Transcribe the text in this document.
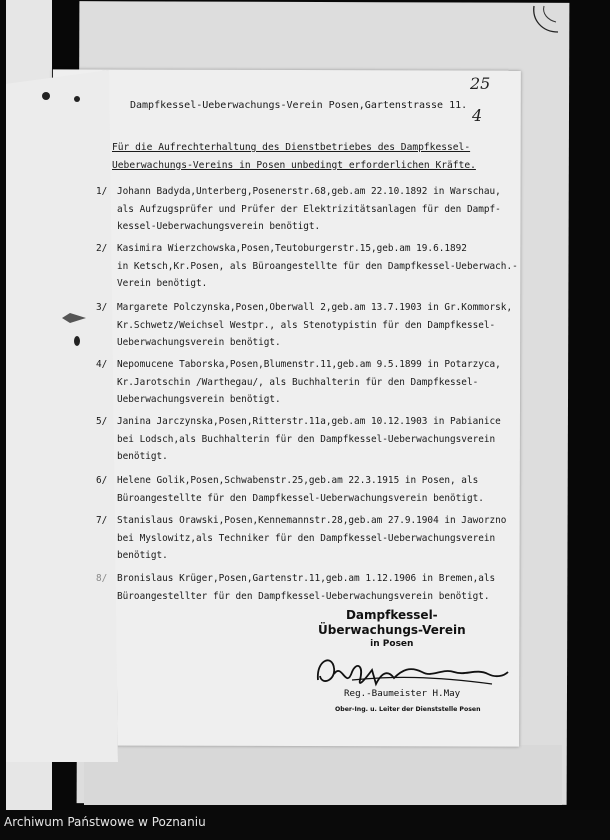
25
4
Dampfkessel-Ueberwachungs-Verein Posen,Gartenstrasse 11.
Für die Aufrechterhaltung des Dienstbetriebes des Dampfkessel-
Ueberwachungs-Vereins in Posen unbedingt erforderlichen Kräfte.
1/	Johann Badyda,Unterberg,Posenerstr.68,geb.am 22.10.1892 in Warschau,
als Aufzugsprüfer und Prüfer der Elektrizitätsanlagen für den Dampf-
kessel-Ueberwachungsverein benötigt.
2/	Kasimira Wierzchowska,Posen,Teutoburgerstr.15,geb.am 19.6.1892
in Ketsch,Kr.Posen, als Büroangestellte für den Dampfkessel-Ueberwach.-
Verein benötigt.
3/	Margarete Polczynska,Posen,Oberwall 2,geb.am 13.7.1903 in Gr.Kommorsk,
Kr.Schwetz/Weichsel Westpr., als Stenotypistin für den Dampfkessel-
Ueberwachungsverein benötigt.
4/	Nepomucene Taborska,Posen,Blumenstr.11,geb.am 9.5.1899 in Potarzyca,
Kr.Jarotschin /Warthegau/, als Buchhalterin für den Dampfkessel-
Ueberwachungsverein benötigt.
5/	Janina Jarczynska,Posen,Ritterstr.11a,geb.am 10.12.1903 in Pabianice
bei Lodsch,als Buchhalterin für den Dampfkessel-Ueberwachungsverein
benötigt.
6/	Helene Golik,Posen,Schwabenstr.25,geb.am 22.3.1915 in Posen, als
Büroangestellte für den Dampfkessel-Ueberwachungsverein benötigt.
7/	Stanislaus Orawski,Posen,Kennemannstr.28,geb.am 27.9.1904 in Jaworzno
bei Myslowitz,als Techniker für den Dampfkessel-Ueberwachungsverein
benötigt.
8/	Bronislaus Krüger,Posen,Gartenstr.11,geb.am 1.12.1906 in Bremen,als
Büroangestellter für den Dampfkessel-Ueberwachungsverein benötigt.
Dampfkessel-
Überwachungs-Verein
in Posen
Reg.-Baumeister H.May
Ober-Ing. u. Leiter der Dienststelle Posen
Archiwum Państwowe w Poznaniu
